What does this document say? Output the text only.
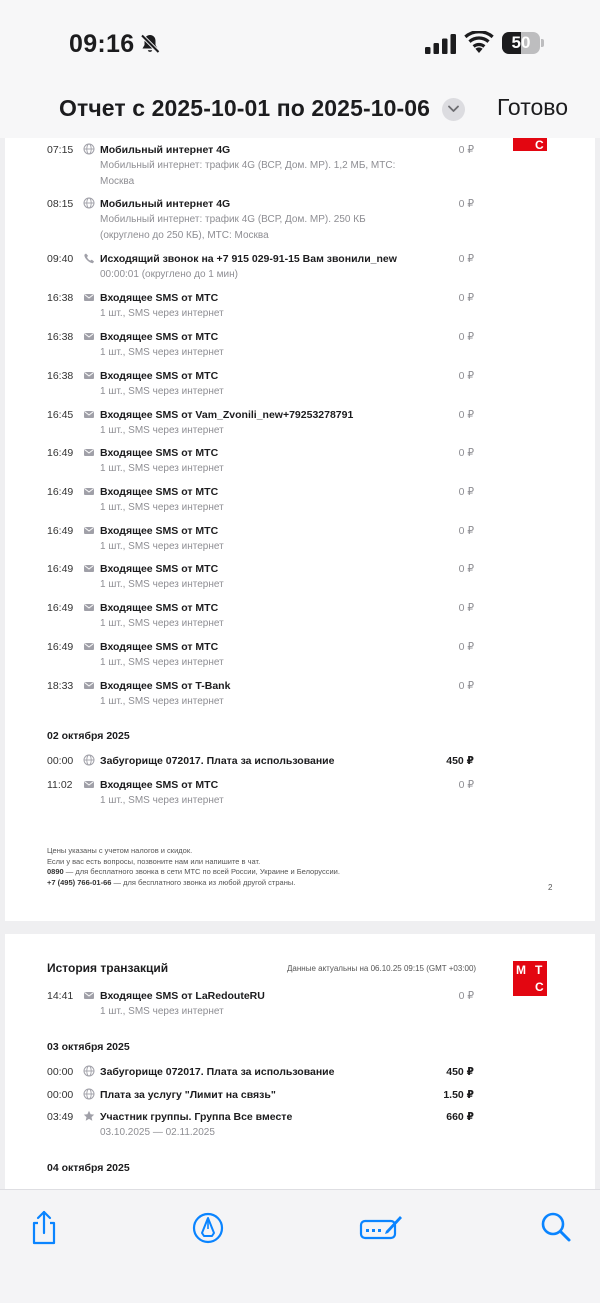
09:16	50
Отчет с 2025-10-01 по 2025-10-06	Готово
С
07:15	Мобильный интернет 4G
Мобильный интернет: трафик 4G (ВСР, Дом. МР). 1,2 МБ, МТС: Москва
0 ₽
08:15	Мобильный интернет 4G
Мобильный интернет: трафик 4G (ВСР, Дом. МР). 250 КБ (округлено до 250 КБ), МТС: Москва
0 ₽
09:40	Исходящий звонок на +7 915 029-91-15 Вам звонили_new
00:00:01 (округлено до 1 мин)
0 ₽
16:38	Входящее SMS от МТС
1 шт., SMS через интернет
0 ₽
16:38	Входящее SMS от МТС
1 шт., SMS через интернет
0 ₽
16:38	Входящее SMS от МТС
1 шт., SMS через интернет
0 ₽
16:45	Входящее SMS от Vam_Zvonili_new+79253278791
1 шт., SMS через интернет
0 ₽
16:49	Входящее SMS от МТС
1 шт., SMS через интернет
0 ₽
16:49	Входящее SMS от МТС
1 шт., SMS через интернет
0 ₽
16:49	Входящее SMS от МТС
1 шт., SMS через интернет
0 ₽
16:49	Входящее SMS от МТС
1 шт., SMS через интернет
0 ₽
16:49	Входящее SMS от МТС
1 шт., SMS через интернет
0 ₽
16:49	Входящее SMS от МТС
1 шт., SMS через интернет
0 ₽
18:33	Входящее SMS от T-Bank
1 шт., SMS через интернет
0 ₽
02 октября 2025
00:00	Забугорище 072017. Плата за использование	450 ₽
11:02	Входящее SMS от МТС
1 шт., SMS через интернет
0 ₽
Цены указаны с учетом налогов и скидок.
Если у вас есть вопросы, позвоните нам или напишите в чат.
0890 — для бесплатного звонка в сети МТС по всей России, Украине и Белоруссии.
+7 (495) 766-01-66 — для бесплатного звонка из любой другой страны.
2
История транзакций	Данные актуальны на 06.10.25 09:15 (GMT +03:00)	М Т
С
14:41	Входящее SMS от LaRedouteRU
1 шт., SMS через интернет
0 ₽
03 октября 2025
00:00	Забугорище 072017. Плата за использование	450 ₽
00:00	Плата за услугу "Лимит на связь"	1.50 ₽
03:49	Участник группы. Группа Все вместе
03.10.2025 — 02.11.2025
660 ₽
04 октября 2025
